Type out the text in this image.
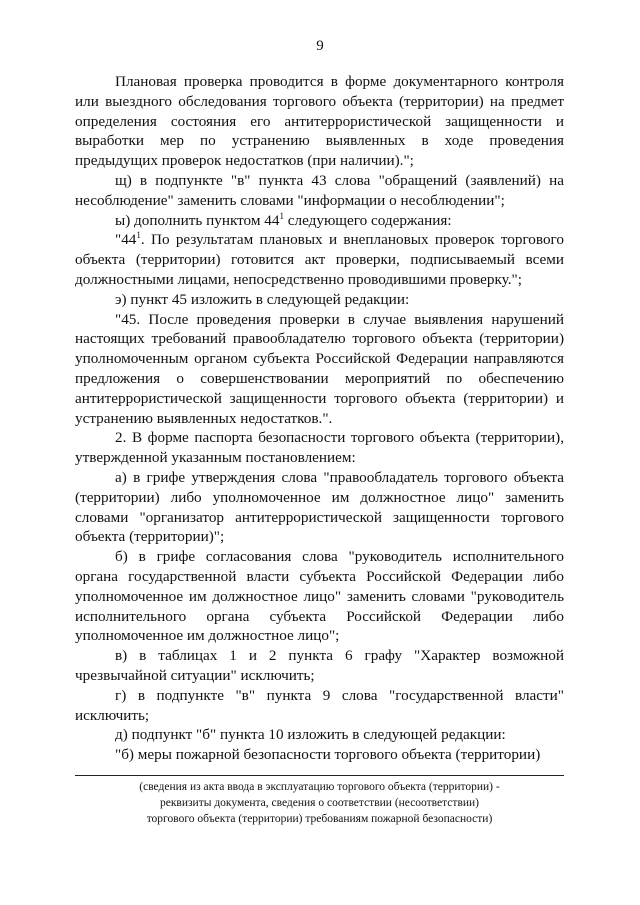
9

Плановая проверка проводится в форме документарного контроля или выездного обследования торгового объекта (территории) на предмет определения состояния его антитеррористической защищенности и выработки мер по устранению выявленных в ходе проведения предыдущих проверок недостатков (при наличии).";

щ) в подпункте "в" пункта 43 слова "обращений (заявлений) на несоблюдение" заменить словами "информации о несоблюдении";

ы) дополнить пунктом $44^1$ следующего содержания:

"$44^1$. По результатам плановых и внеплановых проверок торгового объекта (территории) готовится акт проверки, подписываемый всеми должностными лицами, непосредственно проводившими проверку.";

э) пункт 45 изложить в следующей редакции:

"45. После проведения проверки в случае выявления нарушений настоящих требований правообладателю торгового объекта (территории) уполномоченным органом субъекта Российской Федерации направляются предложения о совершенствовании мероприятий по обеспечению антитеррористической защищенности торгового объекта (территории) и устранению выявленных недостатков.".

2. В форме паспорта безопасности торгового объекта (территории), утвержденной указанным постановлением:

а) в грифе утверждения слова "правообладатель торгового объекта (территории) либо уполномоченное им должностное лицо" заменить словами "организатор антитеррористической защищенности торгового объекта (территории)";

б) в грифе согласования слова "руководитель исполнительного органа государственной власти субъекта Российской Федерации либо уполномоченное им должностное лицо" заменить словами "руководитель исполнительного органа субъекта Российской Федерации либо уполномоченное им должностное лицо";

в) в таблицах 1 и 2 пункта 6 графу "Характер возможной чрезвычайной ситуации" исключить;

г) в подпункте "в" пункта 9 слова "государственной власти" исключить;

д) подпункт "б" пункта 10 изложить в следующей редакции:

"б) меры пожарной безопасности торгового объекта (территории)

(сведения из акта ввода в эксплуатацию торгового объекта (территории) -
реквизиты документа, сведения о соответствии (несоответствии)
торгового объекта (территории) требованиям пожарной безопасности)
